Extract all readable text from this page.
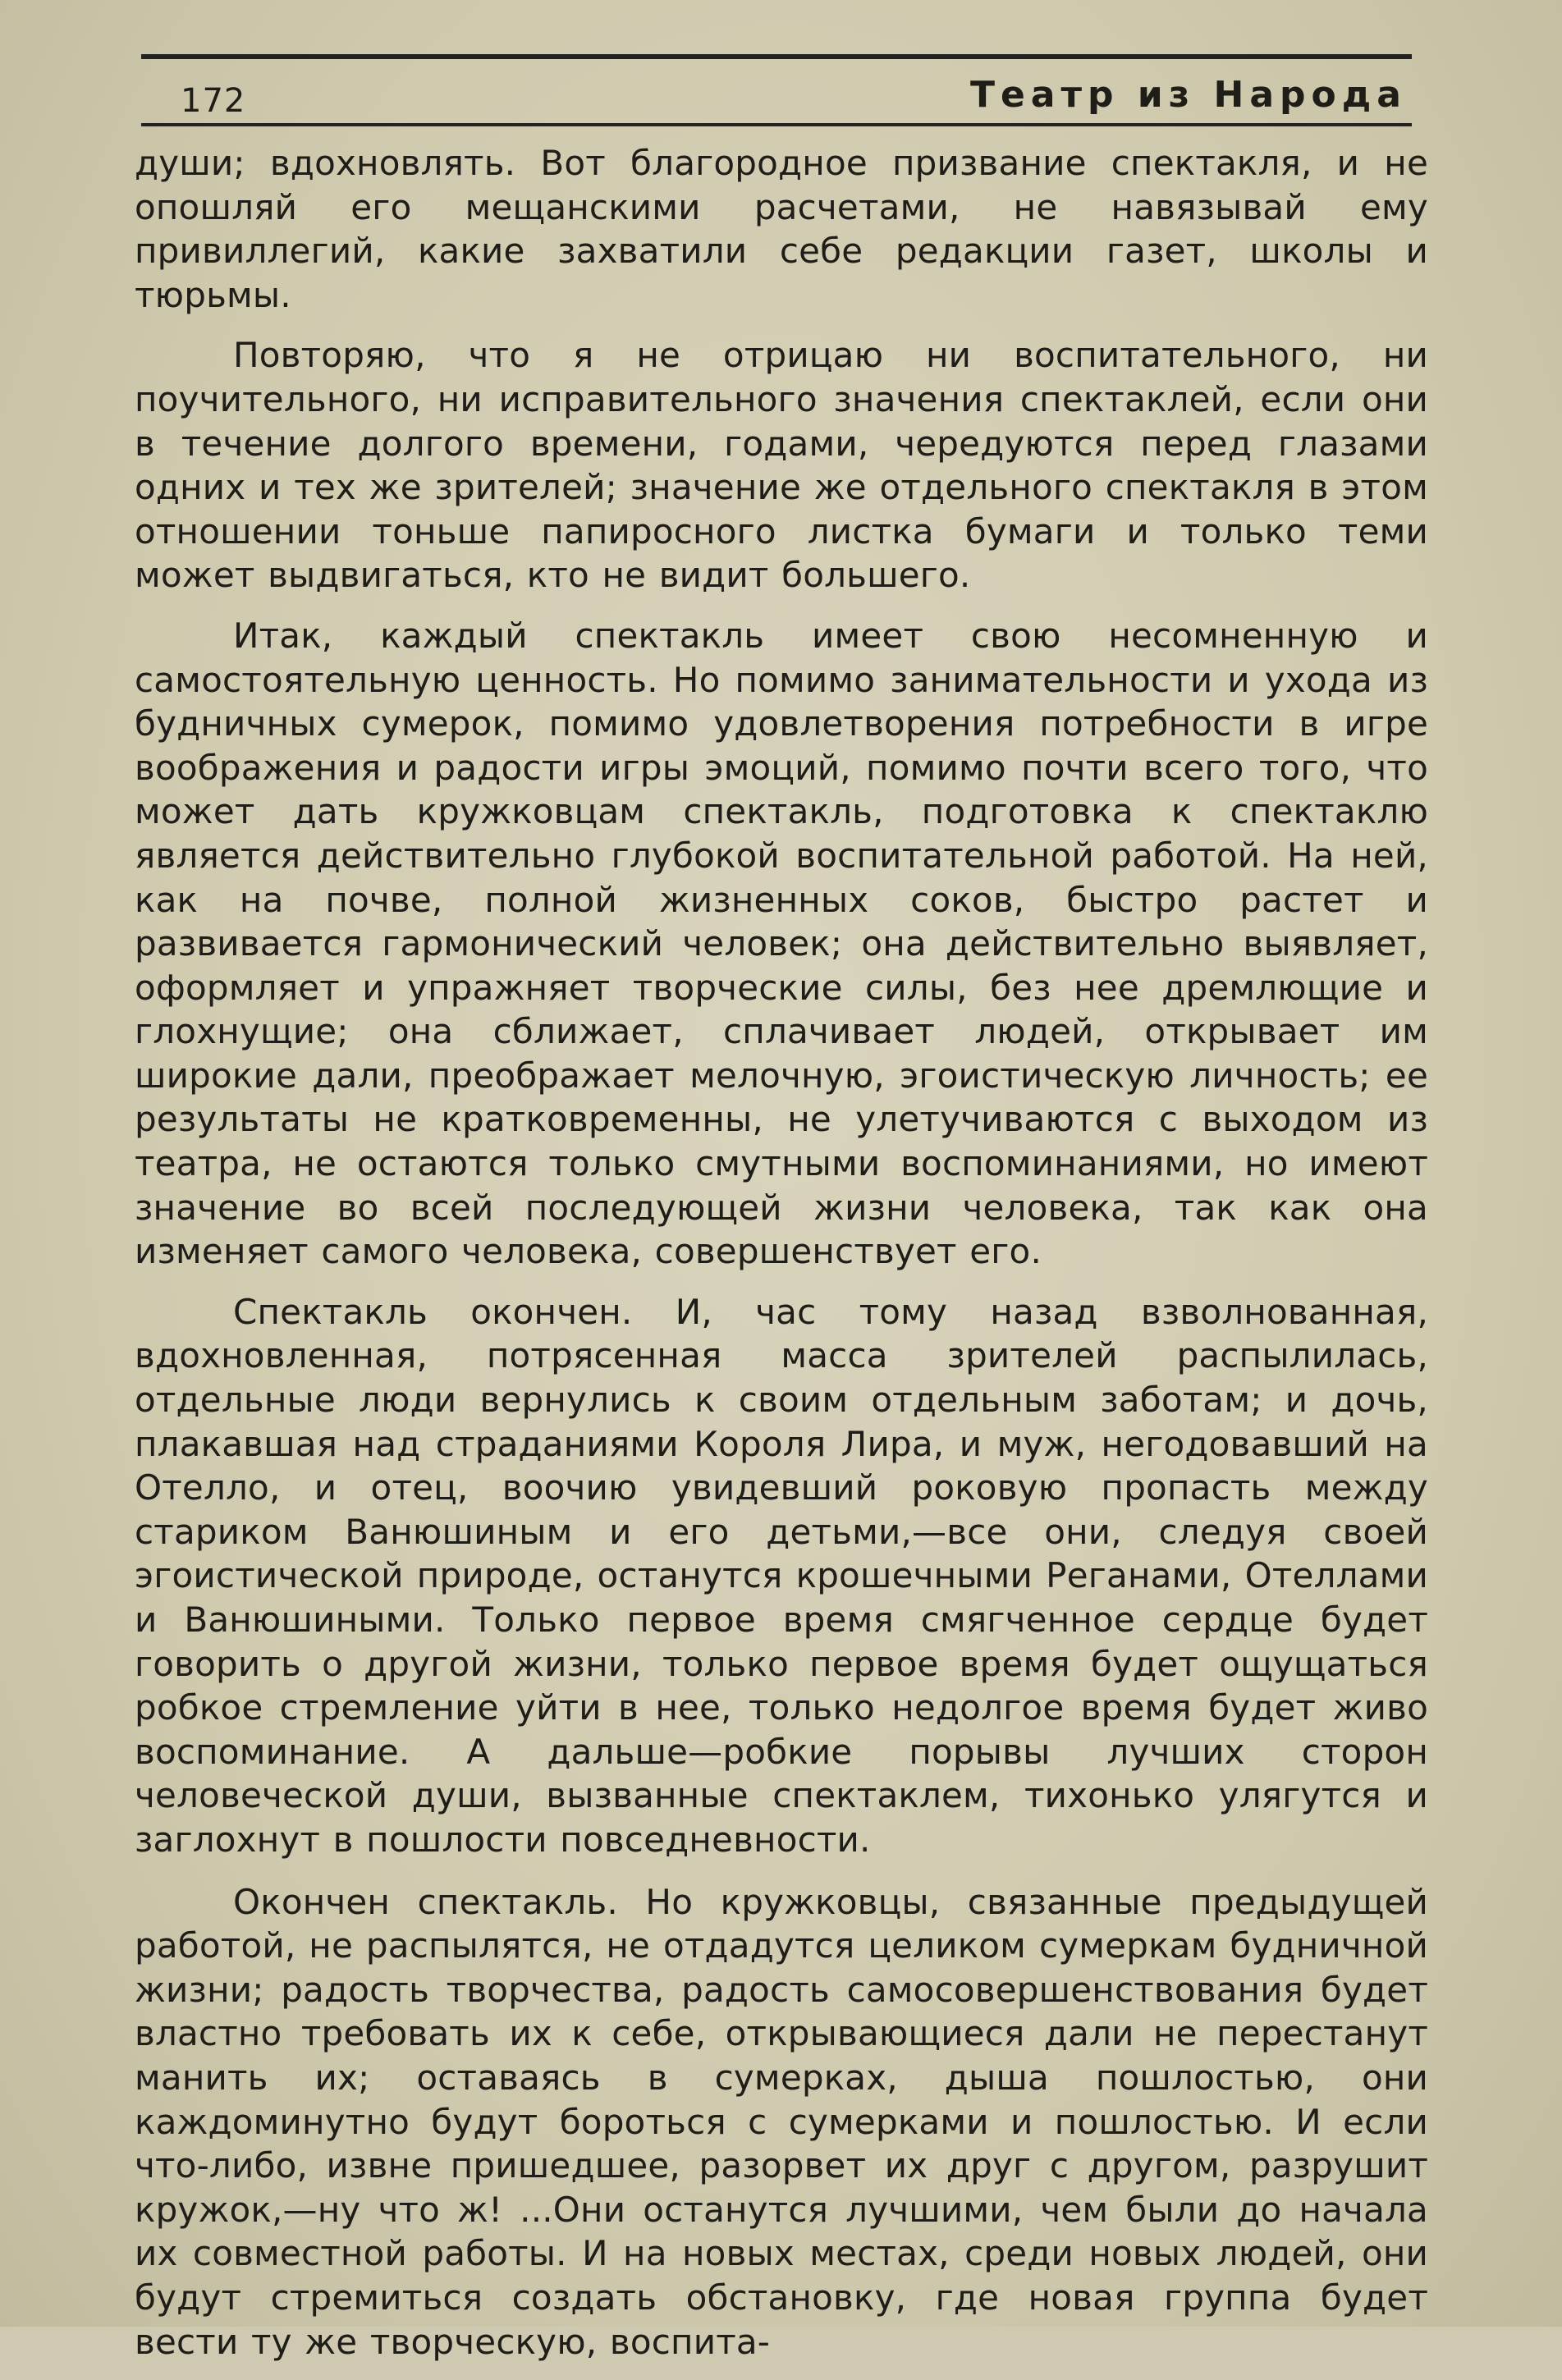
172	Театр из Народа

души; вдохновлять. Вот благородное призвание спектакля, и не опошляй его мещанскими расчетами, не навязывай ему привиллегий, какие захватили себе редакции газет, школы и тюрьмы.

Повторяю, что я не отрицаю ни воспитательного, ни поучительного, ни исправительного значения спектаклей, если они в течение долгого времени, годами, чередуются перед глазами одних и тех же зрителей; значение же отдельного спектакля в этом отношении тоньше папиросного листка бумаги и только теми может выдвигаться, кто не видит большего.

Итак, каждый спектакль имеет свою несомненную и самостоятельную ценность. Но помимо занимательности и ухода из будничных сумерок, помимо удовлетворения потребности в игре воображения и радости игры эмоций, помимо почти всего того, что может дать кружковцам спектакль, подготовка к спектаклю является действительно глубокой воспитательной работой. На ней, как на почве, полной жизненных соков, быстро растет и развивается гармонический человек; она действительно выявляет, оформляет и упражняет творческие силы, без нее дремлющие и глохнущие; она сближает, сплачивает людей, открывает им широкие дали, преображает мелочную, эгоистическую личность; ее результаты не кратковременны, не улетучиваются с выходом из театра, не остаются только смутными воспоминаниями, но имеют значение во всей последующей жизни человека, так как она изменяет самого человека, совершенствует его.

Спектакль окончен. И, час тому назад взволнованная, вдохновленная, потрясенная масса зрителей распылилась, отдельные люди вернулись к своим отдельным заботам; и дочь, плакавшая над страданиями Короля Лира, и муж, негодовавший на Отелло, и отец, воочию увидевший роковую пропасть между стариком Ванюшиным и его детьми,—все они, следуя своей эгоистической природе, останутся крошечными Реганами, Отеллами и Ванюшиными. Только первое время смягченное сердце будет говорить о другой жизни, только первое время будет ощущаться робкое стремление уйти в нее, только недолгое время будет живо воспоминание. А дальше—робкие порывы лучших сторон человеческой души, вызванные спектаклем, тихонько улягутся и заглохнут в пошлости повседневности.

Окончен спектакль. Но кружковцы, связанные предыдущей работой, не распылятся, не отдадутся целиком сумеркам будничной жизни; радость творчества, радость самосовершенствования будет властно требовать их к себе, открывающиеся дали не перестанут манить их; оставаясь в сумерках, дыша пошлостью, они каждоминутно будут бороться с сумерками и пошлостью. И если что-либо, извне пришедшее, разорвет их друг с другом, разрушит кружок,—ну что ж! ...Они останутся лучшими, чем были до начала их совместной работы. И на новых местах, среди новых людей, они будут стремиться создать обстановку, где новая группа будет вести ту же творческую, воспита-
